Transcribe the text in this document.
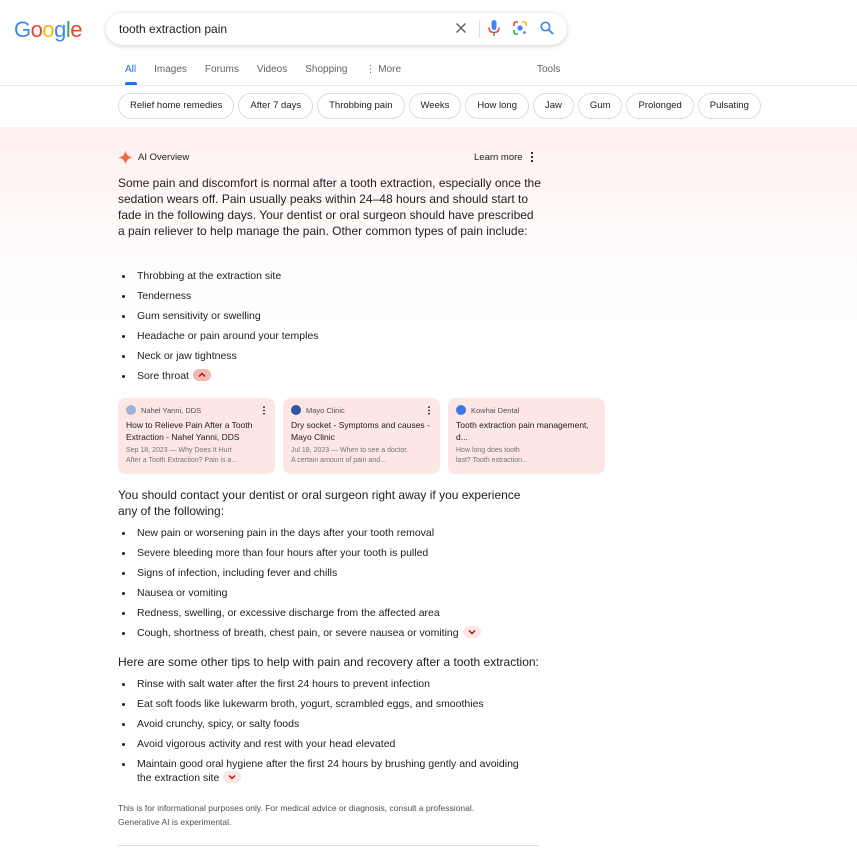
Google	tooth extraction pain
All Images Forums Videos Shopping ⋮ More	Tools
Relief home remedies	After 7 days	Throbbing pain	Weeks	How long	Jaw	Gum	Prolonged	Pulsating
AI Overview	Learn more

Some pain and discomfort is normal after a tooth extraction, especially once the sedation wears off. Pain usually peaks within 24–48 hours and should start to fade in the following days. Your dentist or oral surgeon should have prescribed a pain reliever to help manage the pain. Other common types of pain include:

Throbbing at the extraction site
Tenderness
Gum sensitivity or swelling
Headache or pain around your temples
Neck or jaw tightness
Sore throat
Nahel Yanni, DDS
How to Relieve Pain After a Tooth Extraction - Nahel Yanni, DDS
Sep 18, 2023 — Why Does It Hurt
After a Tooth Extraction? Pain is a...
Mayo Clinic
Dry socket - Symptoms and causes - Mayo Clinic
Jul 18, 2023 — When to see a doctor.
A certain amount of pain and...
Kowhai Dental
Tooth extraction pain management, d...
How long does tooth
last? Tooth extraction...

You should contact your dentist or oral surgeon right away if you experience any of the following:

New pain or worsening pain in the days after your tooth removal
Severe bleeding more than four hours after your tooth is pulled
Signs of infection, including fever and chills
Nausea or vomiting
Redness, swelling, or excessive discharge from the affected area
Cough, shortness of breath, chest pain, or severe nausea or vomiting

Here are some other tips to help with pain and recovery after a tooth extraction:

Rinse with salt water after the first 24 hours to prevent infection
Eat soft foods like lukewarm broth, yogurt, scrambled eggs, and smoothies
Avoid crunchy, spicy, or salty foods
Avoid vigorous activity and rest with your head elevated
Maintain good oral hygiene after the first 24 hours by brushing gently and avoiding
the extraction site
This is for informational purposes only. For medical advice or diagnosis, consult a professional.
Generative AI is experimental.
